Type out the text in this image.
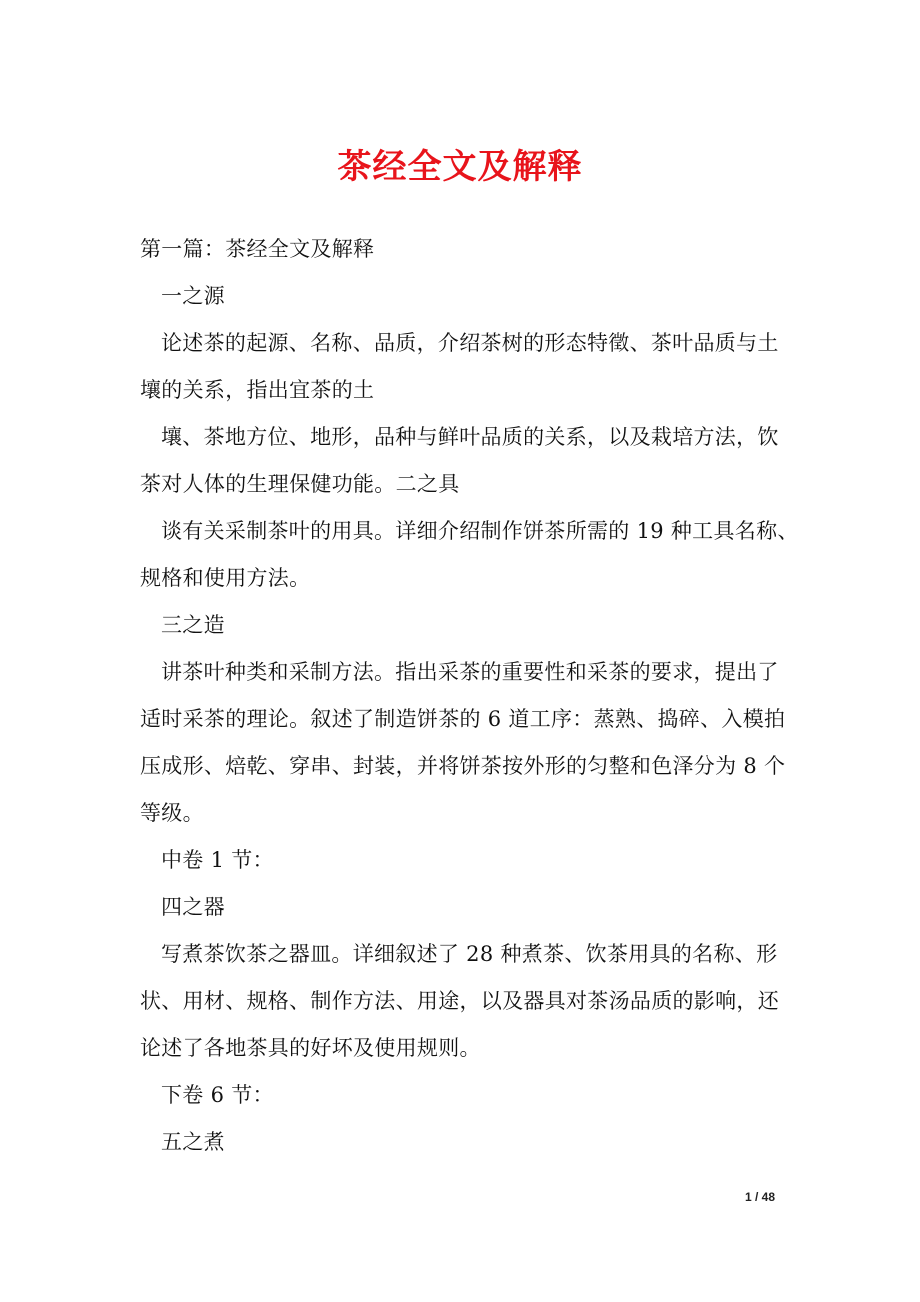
茶经全文及解释
第一篇：茶经全文及解释
一之源
论述茶的起源、名称、品质，介绍茶树的形态特徵、茶叶品质与土
壤的关系，指出宜茶的土
壤、茶地方位、地形，品种与鲜叶品质的关系，以及栽培方法，饮
茶对人体的生理保健功能。二之具
谈有关采制茶叶的用具。详细介绍制作饼茶所需的 19 种工具名称、
规格和使用方法。
三之造
讲茶叶种类和采制方法。指出采茶的重要性和采茶的要求，提出了
适时采茶的理论。叙述了制造饼茶的 6 道工序：蒸熟、捣碎、入模拍
压成形、焙乾、穿串、封装，并将饼茶按外形的匀整和色泽分为 8 个
等级。
中卷 1 节：
四之器
写煮茶饮茶之器皿。详细叙述了 28 种煮茶、饮茶用具的名称、形
状、用材、规格、制作方法、用途，以及器具对茶汤品质的影响，还
论述了各地茶具的好坏及使用规则。
下卷 6 节：
五之煮
1 / 48
